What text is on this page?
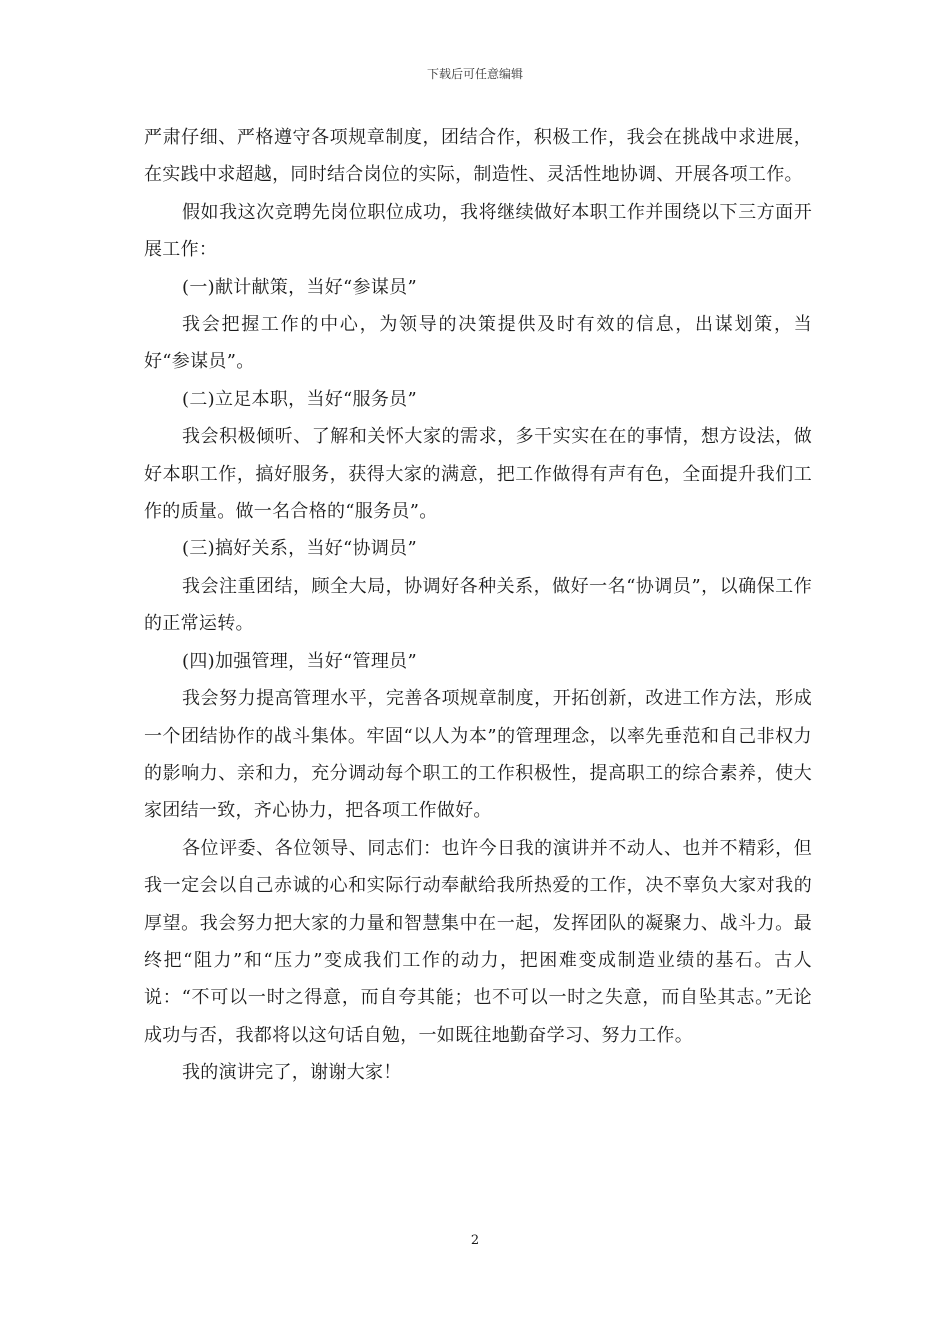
下载后可任意编辑

严肃仔细、严格遵守各项规章制度，团结合作，积极工作，我会在挑战中求进展，在实践中求超越，同时结合岗位的实际，制造性、灵活性地协调、开展各项工作。

假如我这次竞聘先岗位职位成功，我将继续做好本职工作并围绕以下三方面开展工作：

(一)献计献策，当好“参谋员”

我会把握工作的中心，为领导的决策提供及时有效的信息，出谋划策，当好“参谋员”。

(二)立足本职，当好“服务员”

我会积极倾听、了解和关怀大家的需求，多干实实在在的事情，想方设法，做好本职工作，搞好服务，获得大家的满意，把工作做得有声有色，全面提升我们工作的质量。做一名合格的“服务员”。

(三)搞好关系，当好“协调员”

我会注重团结，顾全大局，协调好各种关系，做好一名“协调员”，以确保工作的正常运转。

(四)加强管理，当好“管理员”

我会努力提高管理水平，完善各项规章制度，开拓创新，改进工作方法，形成一个团结协作的战斗集体。牢固“以人为本”的管理理念，以率先垂范和自己非权力的影响力、亲和力，充分调动每个职工的工作积极性，提高职工的综合素养，使大家团结一致，齐心协力，把各项工作做好。

各位评委、各位领导、同志们：也许今日我的演讲并不动人、也并不精彩，但我一定会以自己赤诚的心和实际行动奉献给我所热爱的工作，决不辜负大家对我的厚望。我会努力把大家的力量和智慧集中在一起，发挥团队的凝聚力、战斗力。最终把“阻力”和“压力”变成我们工作的动力，把困难变成制造业绩的基石。古人说：“不可以一时之得意，而自夸其能；也不可以一时之失意，而自坠其志。”无论成功与否，我都将以这句话自勉，一如既往地勤奋学习、努力工作。

我的演讲完了，谢谢大家！

2
